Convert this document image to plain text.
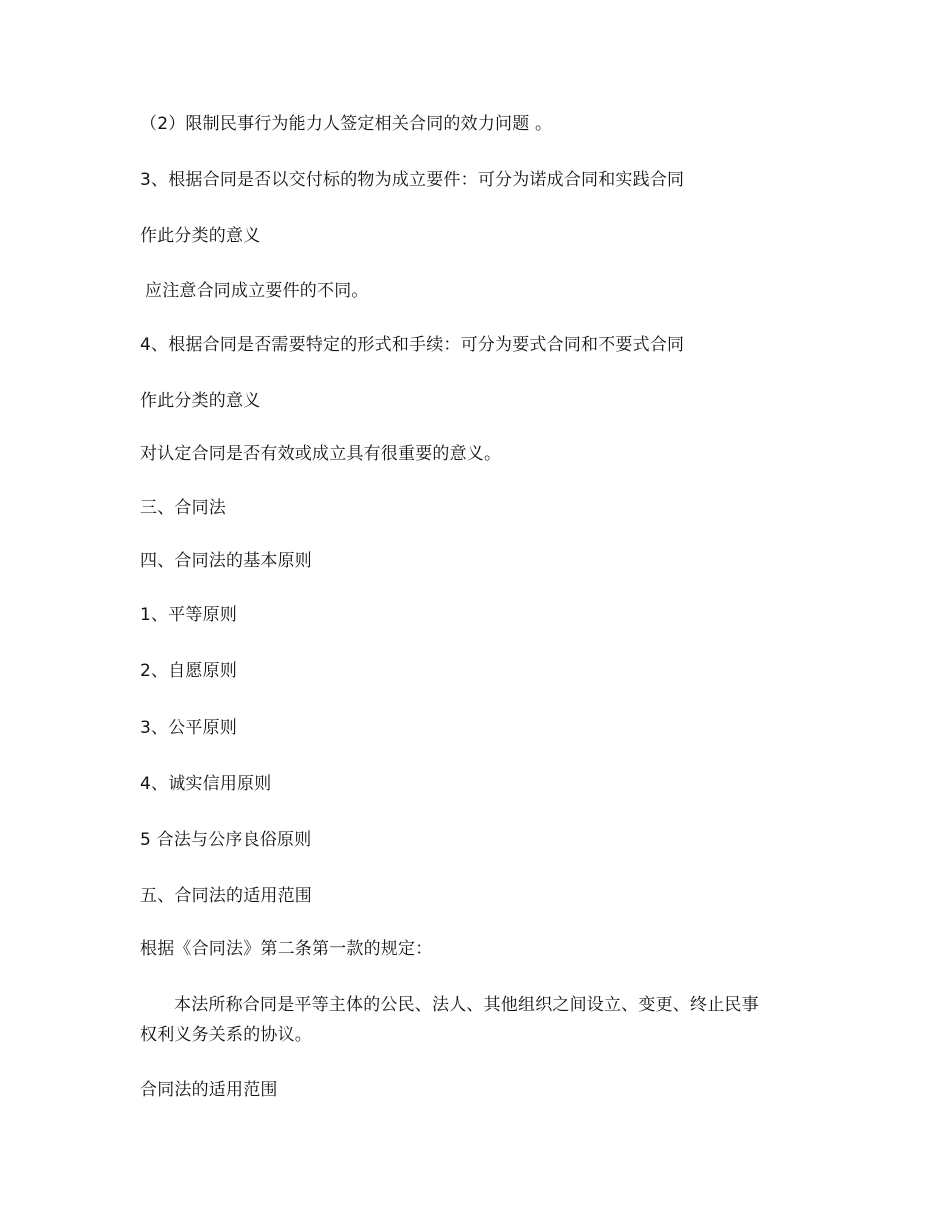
（2）限制民事行为能力人签定相关合同的效力问题 。
3、根据合同是否以交付标的物为成立要件：可分为诺成合同和实践合同
作此分类的意义
应注意合同成立要件的不同。
4、根据合同是否需要特定的形式和手续：可分为要式合同和不要式合同
作此分类的意义
对认定合同是否有效或成立具有很重要的意义。
三、合同法
四、合同法的基本原则
1、平等原则
2、自愿原则
3、公平原则
4、诚实信用原则
5 合法与公序良俗原则
五、合同法的适用范围
根据《合同法》第二条第一款的规定：
本法所称合同是平等主体的公民、法人、其他组织之间设立、变更、终止民事
权利义务关系的协议。
合同法的适用范围
